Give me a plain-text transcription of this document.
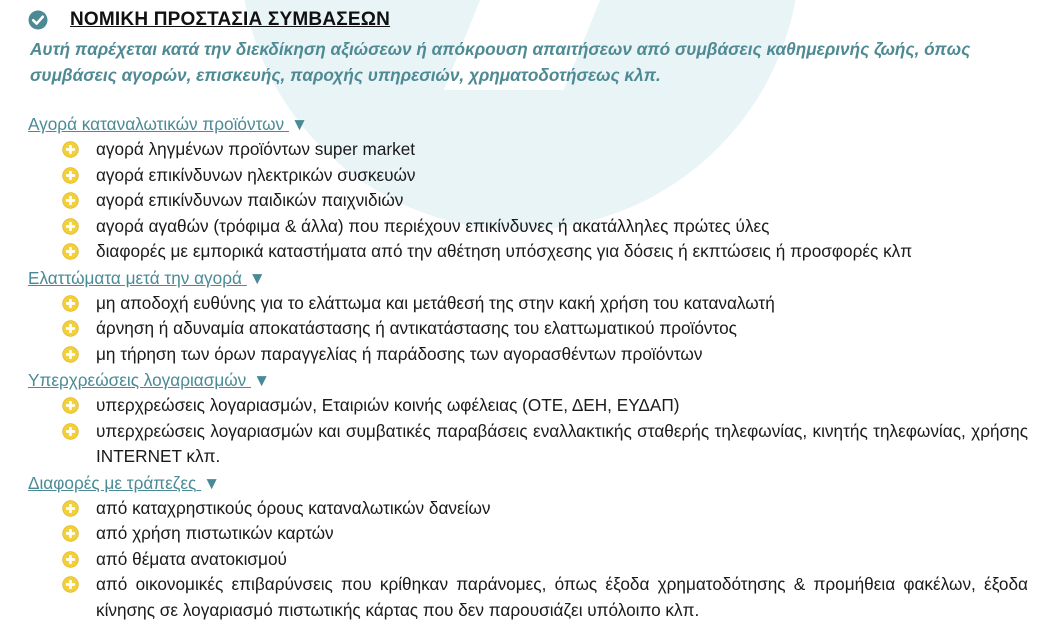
ΝΟΜΙΚΗ ΠΡΟΣΤΑΣΙΑ ΣΥΜΒΑΣΕΩΝ
Αυτή παρέχεται κατά την διεκδίκηση αξιώσεων ή απόκρουση απαιτήσεων από συμβάσεις καθημερινής ζωής, όπως συμβάσεις αγορών, επισκευής, παροχής υπηρεσιών, χρηματοδοτήσεως κλπ.
Αγορά καταναλωτικών προϊόντων ▼
αγορά ληγμένων προϊόντων super market
αγορά επικίνδυνων ηλεκτρικών συσκευών
αγορά επικίνδυνων παιδικών παιχνιδιών
αγορά αγαθών (τρόφιμα & άλλα) που περιέχουν επικίνδυνες ή ακατάλληλες πρώτες ύλες
διαφορές με εμπορικά καταστήματα από την αθέτηση υπόσχεσης για δόσεις ή εκπτώσεις ή προσφορές κλπ
Ελαττώματα μετά την αγορά ▼
μη αποδοχή ευθύνης για το ελάττωμα και μετάθεσή της στην κακή χρήση του καταναλωτή
άρνηση ή αδυναμία αποκατάστασης ή αντικατάστασης του ελαττωματικού προϊόντος
μη τήρηση των όρων παραγγελίας ή παράδοσης των αγορασθέντων προϊόντων
Υπερχρεώσεις λογαριασμών ▼
υπερχρεώσεις λογαριασμών, Εταιριών κοινής ωφέλειας (ΟΤΕ, ΔΕΗ, ΕΥΔΑΠ)
υπερχρεώσεις λογαριασμών και συμβατικές παραβάσεις εναλλακτικής σταθερής τηλεφωνίας, κινητής τηλεφωνίας, χρήσης INTERNET κλπ.
Διαφορές με τράπεζες ▼
από καταχρηστικούς όρους καταναλωτικών δανείων
από χρήση πιστωτικών καρτών
από θέματα ανατοκισμού
από οικονομικές επιβαρύνσεις που κρίθηκαν παράνομες, όπως έξοδα χρηματοδότησης & προμήθεια φακέλων, έξοδα κίνησης σε λογαριασμό πιστωτικής κάρτας που δεν παρουσιάζει υπόλοιπο κλπ.
